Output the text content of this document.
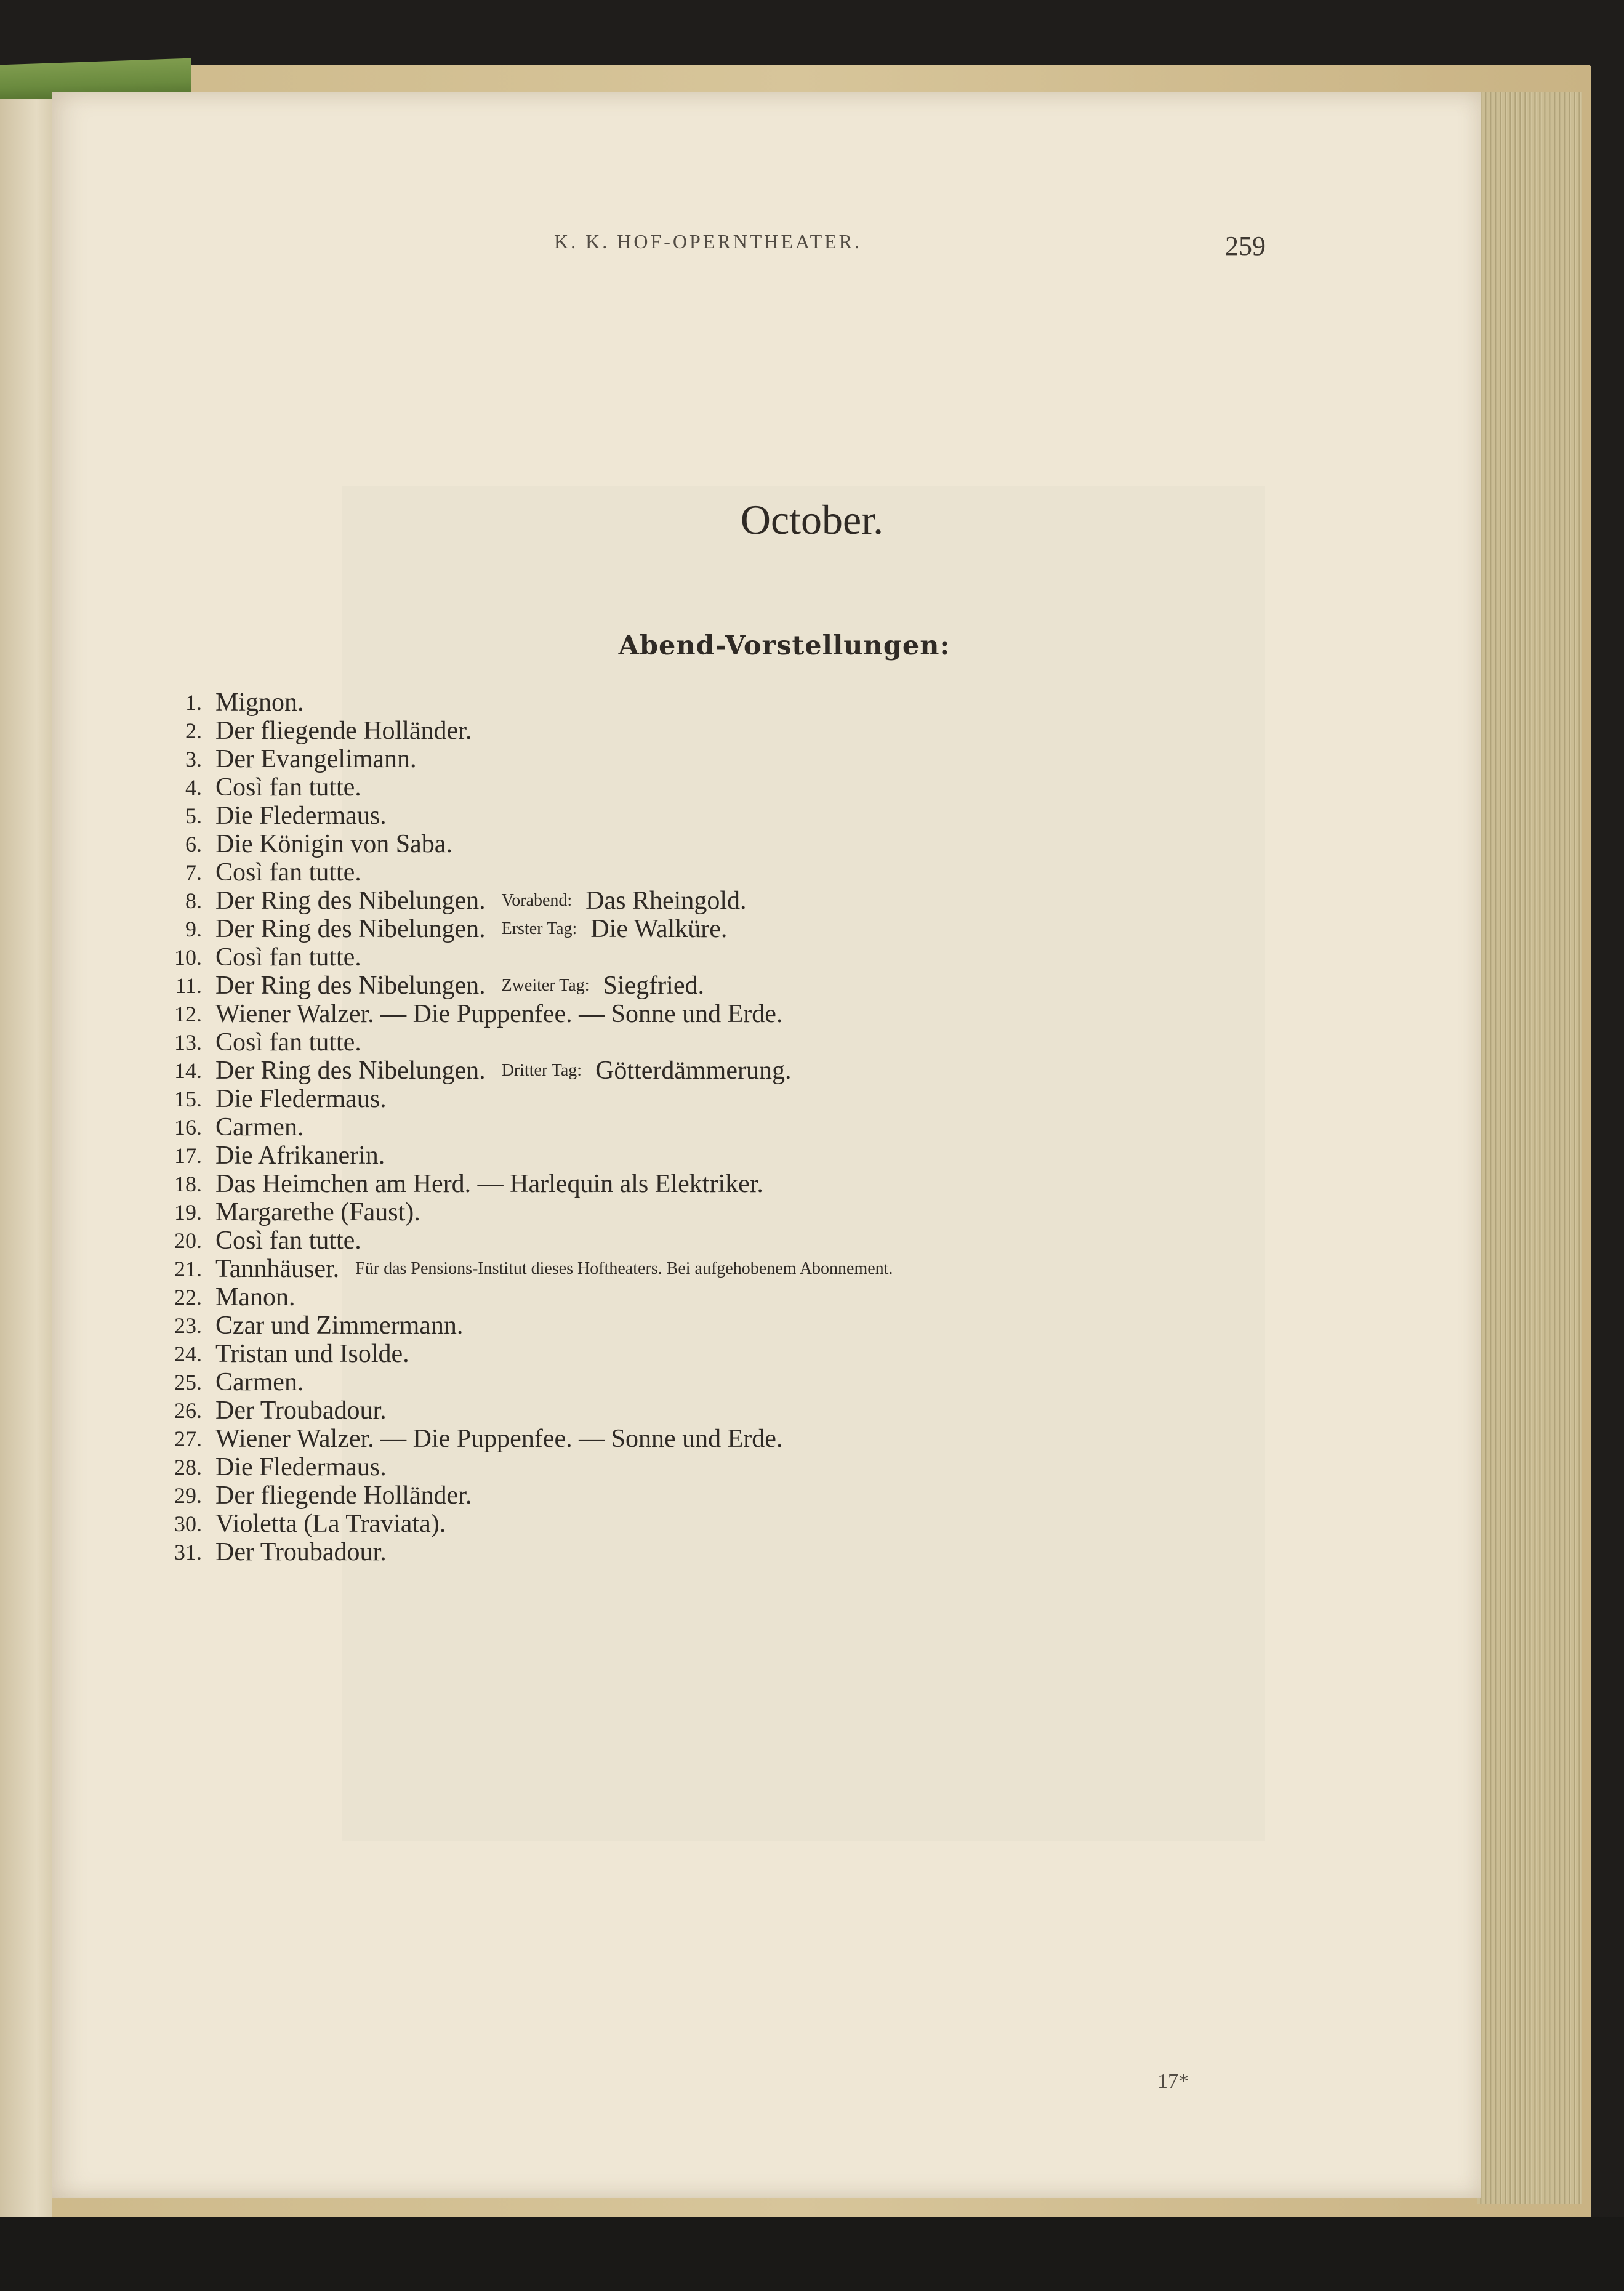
K. K. HOF-OPERNTHEATER.	259
October.
Abend-Vorstellungen:
1. Mignon.
2. Der fliegende Holländer.
3. Der Evangelimann.
4. Così fan tutte.
5. Die Fledermaus.
6. Die Königin von Saba.
7. Così fan tutte.
8. Der Ring des Nibelungen. Vorabend: Das Rheingold.
9. Der Ring des Nibelungen. Erster Tag: Die Walküre.
10. Così fan tutte.
11. Der Ring des Nibelungen. Zweiter Tag: Siegfried.
12. Wiener Walzer. — Die Puppenfee. — Sonne und Erde.
13. Così fan tutte.
14. Der Ring des Nibelungen. Dritter Tag: Götterdämmerung.
15. Die Fledermaus.
16. Carmen.
17. Die Afrikanerin.
18. Das Heimchen am Herd. — Harlequin als Elektriker.
19. Margarethe (Faust).
20. Così fan tutte.
21. Tannhäuser. Für das Pensions-Institut dieses Hoftheaters. Bei aufgehobenem Abonnement.
22. Manon.
23. Czar und Zimmermann.
24. Tristan und Isolde.
25. Carmen.
26. Der Troubadour.
27. Wiener Walzer. — Die Puppenfee. — Sonne und Erde.
28. Die Fledermaus.
29. Der fliegende Holländer.
30. Violetta (La Traviata).
31. Der Troubadour.
17*
